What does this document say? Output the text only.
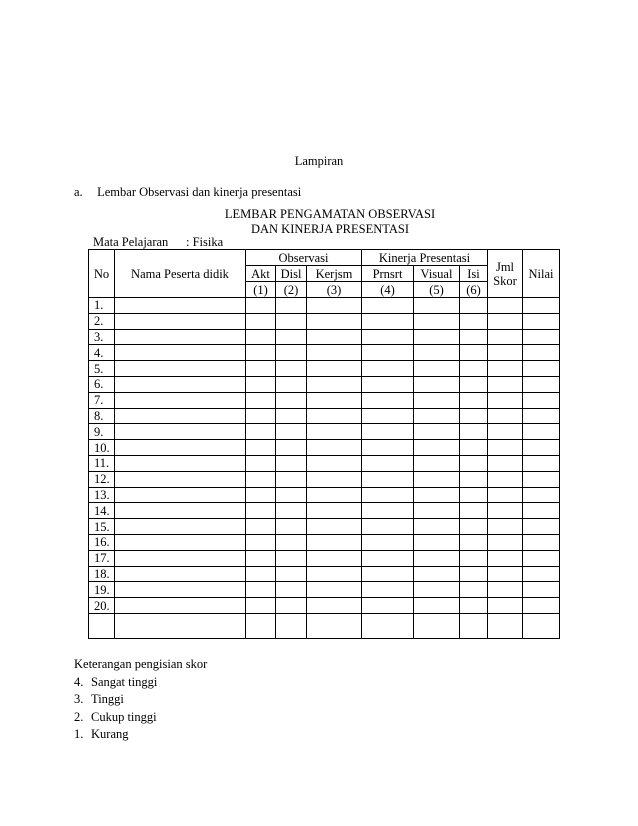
Lampiran
a. Lembar Observasi dan kinerja presentasi
LEMBAR PENGAMATAN OBSERVASI
DAN KINERJA PRESENTASI
Mata Pelajaran : Fisika
No	Nama Peserta didik	Observasi			Kinerja Presentasi			Jml Skor	Nilai
		Akt	Disl	Kerjsm	Prnsrt	Visual	Isi		
		(1)	(2)	(3)	(4)	(5)	(6)		
1.									
2.									
3.									
4.									
5.									
6.									
7.									
8.									
9.									
10.									
11.									
12.									
13.									
14.									
15.									
16.									
17.									
18.									
19.									
20.									

Keterangan pengisian skor
4. Sangat tinggi
3. Tinggi
2. Cukup tinggi
1. Kurang
